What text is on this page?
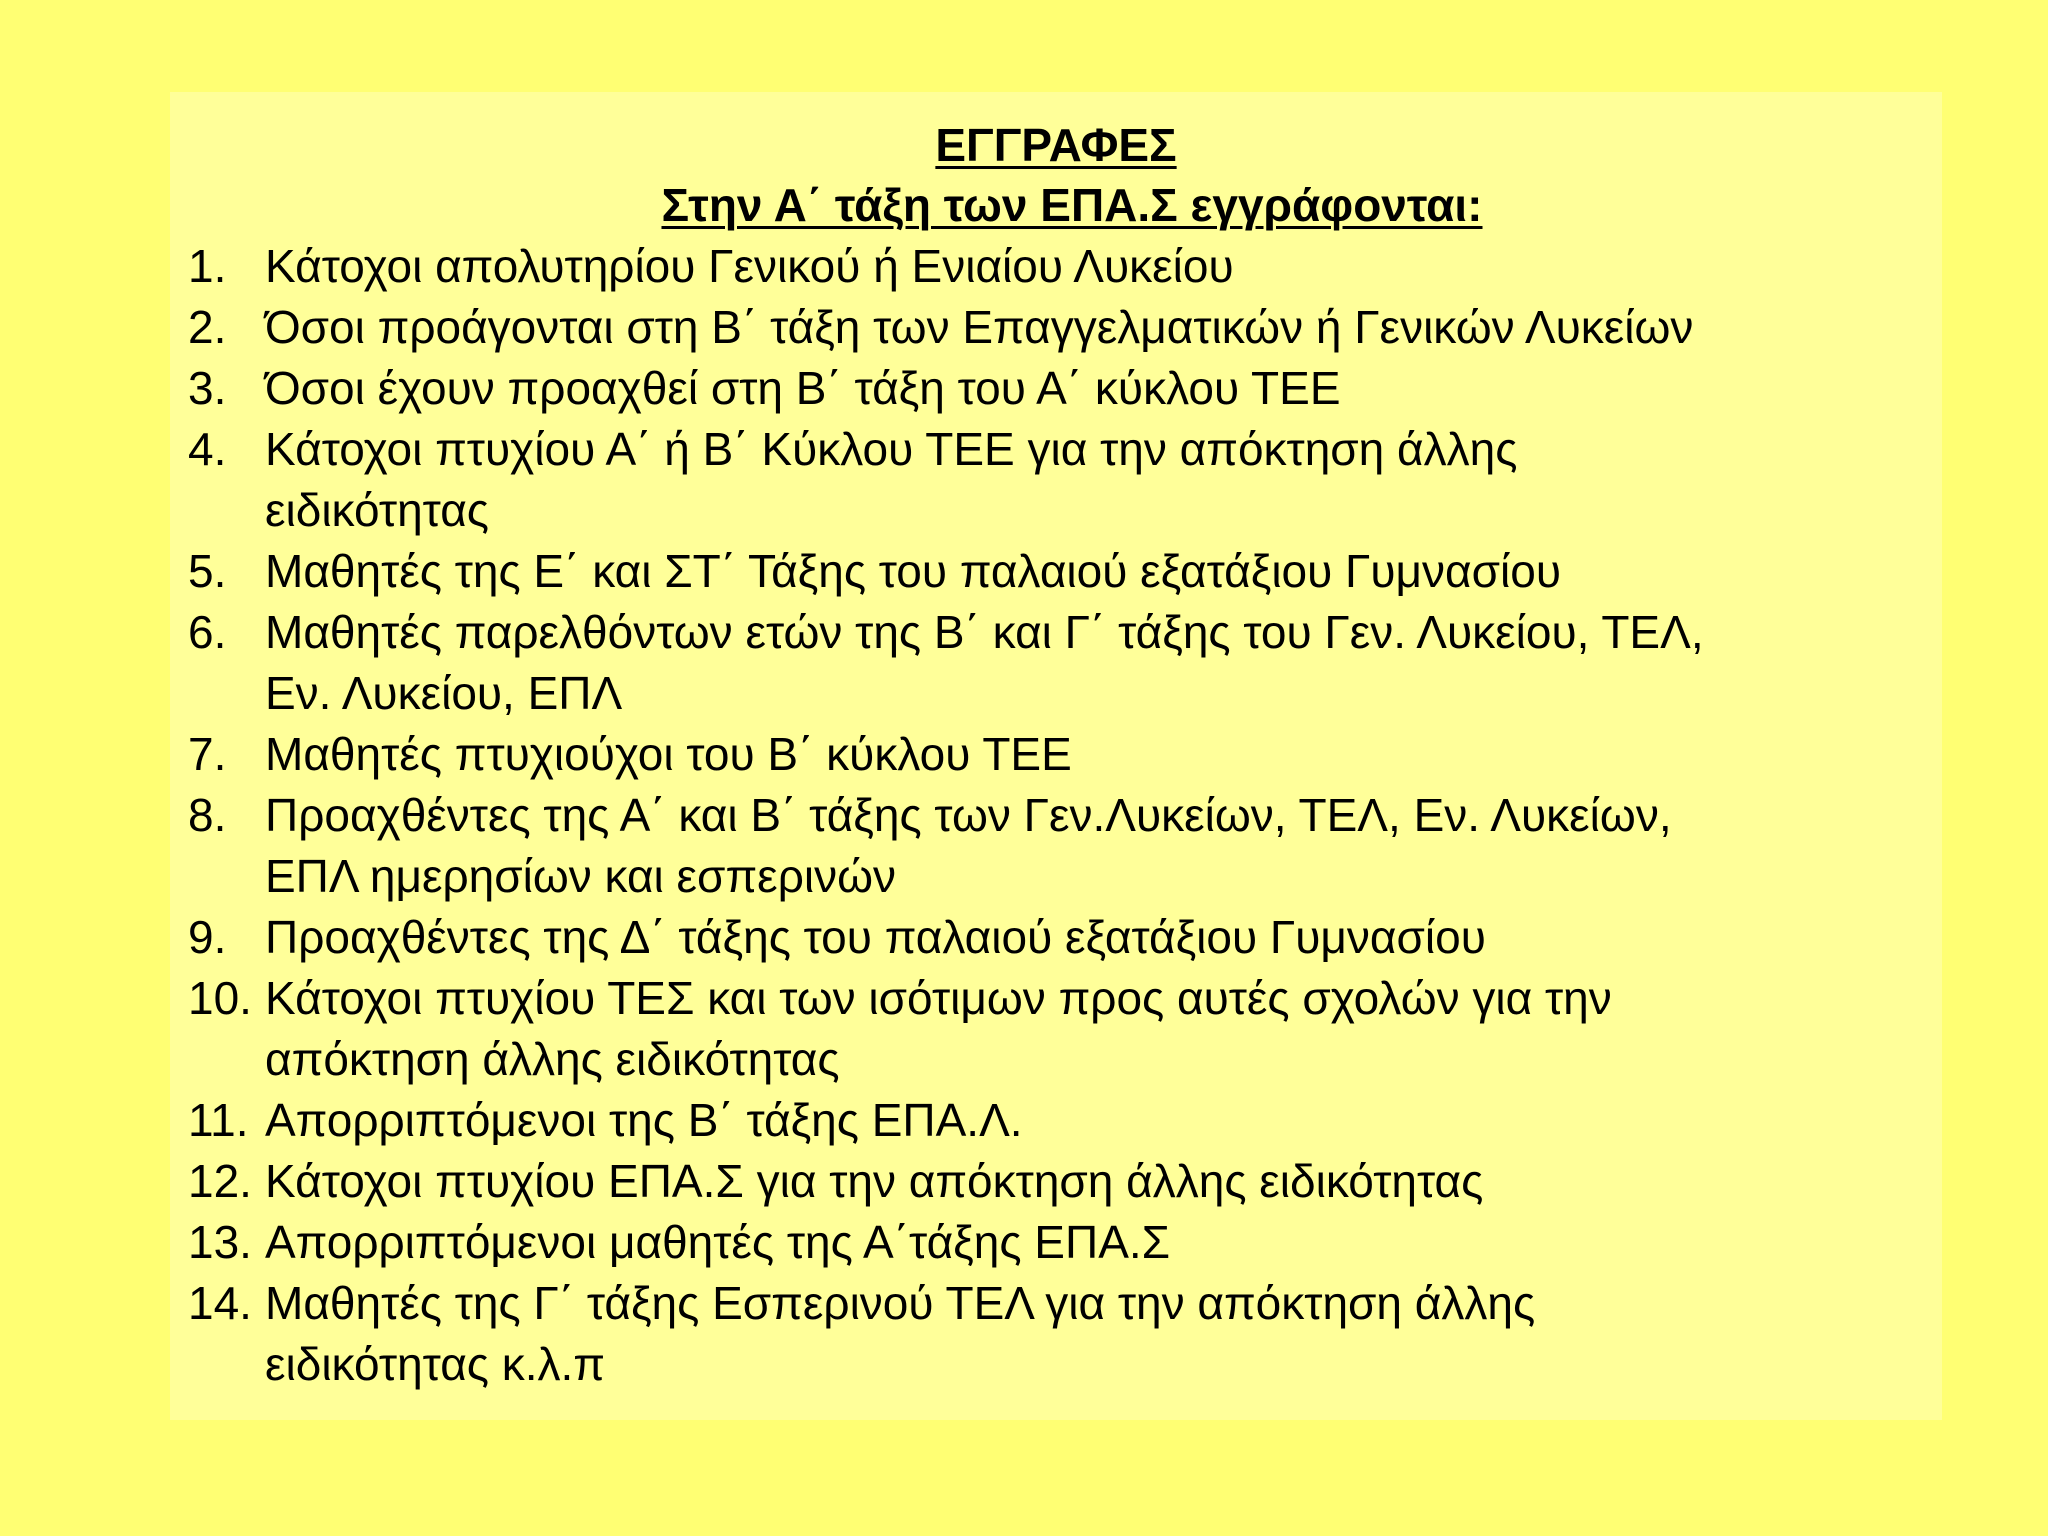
ΕΓΓΡΑΦΕΣ
Στην Α΄ τάξη των ΕΠΑ.Σ εγγράφονται:
1. Κάτοχοι απολυτηρίου Γενικού ή Ενιαίου Λυκείου
2. Όσοι προάγονται στη Β΄ τάξη των Επαγγελματικών ή Γενικών Λυκείων
3. Όσοι έχουν προαχθεί στη Β΄ τάξη του Α΄ κύκλου ΤΕΕ
4. Κάτοχοι πτυχίου Α΄ ή Β΄ Κύκλου ΤΕΕ για την απόκτηση άλλης
ειδικότητας
5. Μαθητές της Ε΄ και ΣΤ΄ Τάξης του παλαιού εξατάξιου Γυμνασίου
6. Μαθητές παρελθόντων ετών της Β΄ και Γ΄ τάξης του Γεν. Λυκείου, ΤΕΛ,
Εν. Λυκείου, ΕΠΛ
7. Μαθητές πτυχιούχοι του Β΄ κύκλου ΤΕΕ
8. Προαχθέντες της Α΄ και Β΄ τάξης των Γεν.Λυκείων, ΤΕΛ, Εν. Λυκείων,
ΕΠΛ ημερησίων και εσπερινών
9. Προαχθέντες της Δ΄ τάξης του παλαιού εξατάξιου Γυμνασίου
10. Κάτοχοι πτυχίου ΤΕΣ και των ισότιμων προς αυτές σχολών για την
απόκτηση άλλης ειδικότητας
11. Απορριπτόμενοι της Β΄ τάξης ΕΠΑ.Λ.
12. Κάτοχοι πτυχίου ΕΠΑ.Σ για την απόκτηση άλλης ειδικότητας
13. Απορριπτόμενοι μαθητές της Α΄τάξης ΕΠΑ.Σ
14. Μαθητές της Γ΄ τάξης Εσπερινού ΤΕΛ για την απόκτηση άλλης
ειδικότητας κ.λ.π
